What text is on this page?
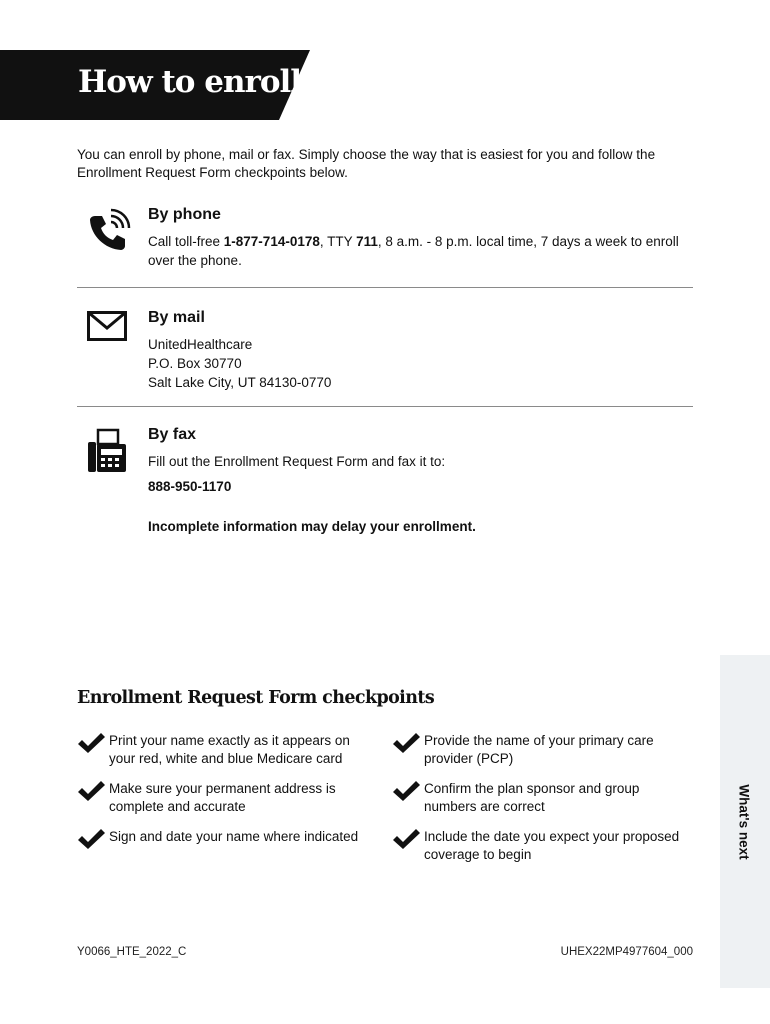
How to enroll
You can enroll by phone, mail or fax. Simply choose the way that is easiest for you and follow the Enrollment Request Form checkpoints below.
By phone

Call toll-free 1-877-714-0178, TTY 711, 8 a.m. - 8 p.m. local time, 7 days a week to enroll over the phone.

By mail

UnitedHealthcare

P.O. Box 30770

Salt Lake City, UT 84130-0770

By fax

Fill out the Enrollment Request Form and fax it to:

888-950-1170

Incomplete information may delay your enrollment.

Enrollment Request Form checkpoints
Print your name exactly as it appears on your red, white and blue Medicare card
Make sure your permanent address is complete and accurate
Sign and date your name where indicated
Provide the name of your primary care provider (PCP)
Confirm the plan sponsor and group numbers are correct
Include the date you expect your proposed coverage to begin	What's next
Y0066_HTE_2022_C	UHEX22MP4977604_000
